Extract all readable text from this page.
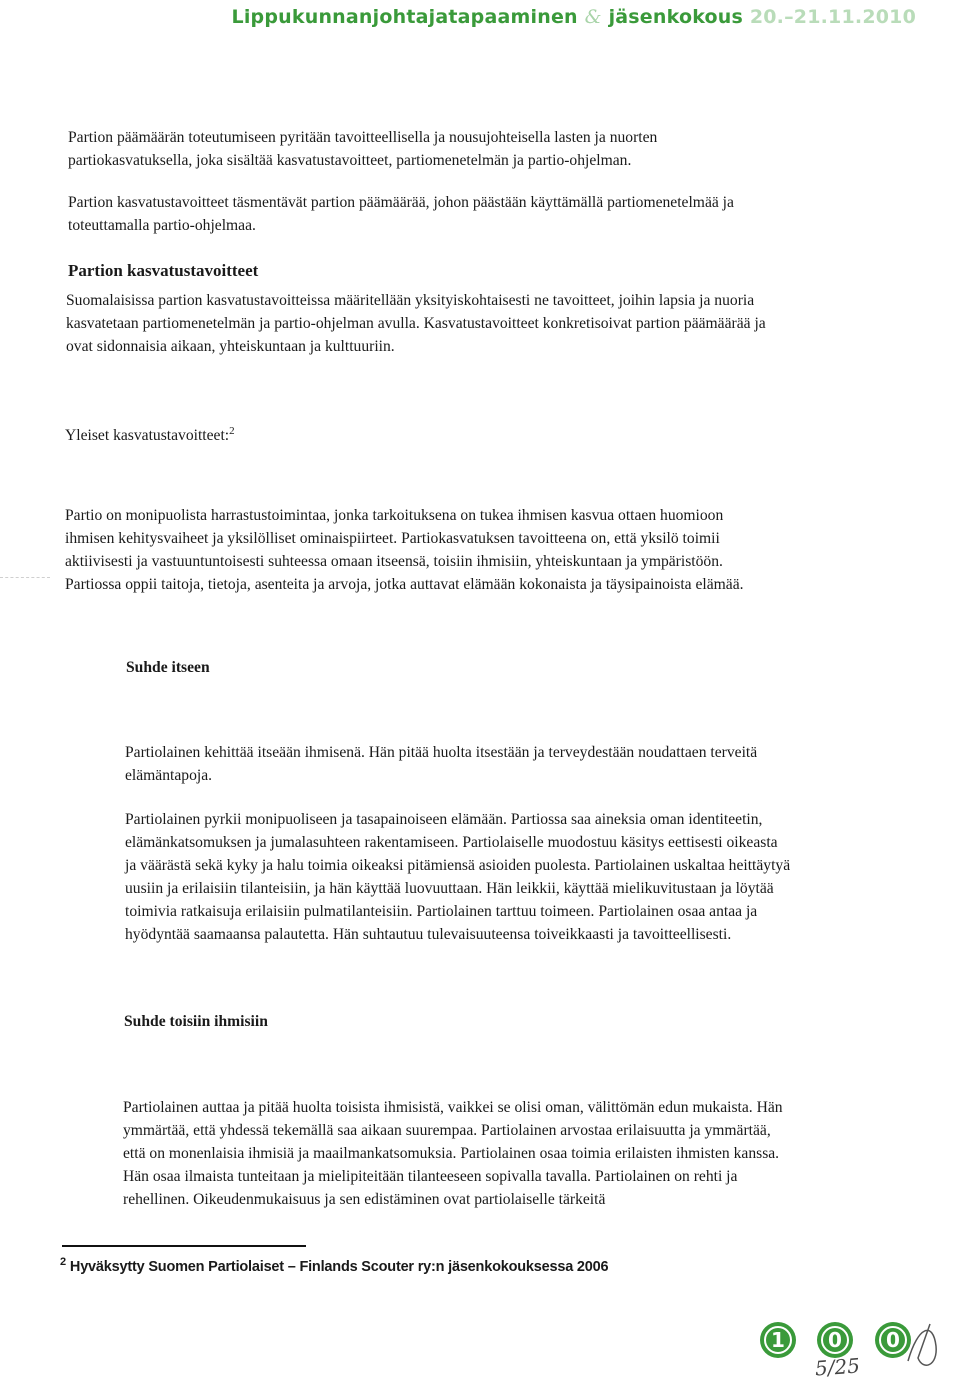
Lippukunnanjohtajatapaaminen & jäsenkokous 20.–21.11.2010

Partion päämäärän toteutumiseen pyritään tavoitteellisella ja nousujohteisella lasten ja nuorten
partiokasvatuksella, joka sisältää kasvatustavoitteet, partiomenetelmän ja partio-ohjelman.

Partion kasvatustavoitteet täsmentävät partion päämäärää, johon päästään käyttämällä partiomenetelmää ja
toteuttamalla partio-ohjelmaa.

Partion kasvatustavoitteet

Suomalaisissa partion kasvatustavoitteissa määritellään yksityiskohtaisesti ne tavoitteet, joihin lapsia ja nuoria
kasvatetaan partiomenetelmän ja partio-ohjelman avulla. Kasvatustavoitteet konkretisoivat partion päämäärää ja
ovat sidonnaisia aikaan, yhteiskuntaan ja kulttuuriin.

Yleiset kasvatustavoitteet:$^2$

Partio on monipuolista harrastustoimintaa, jonka tarkoituksena on tukea ihmisen kasvua ottaen huomioon
ihmisen kehitysvaiheet ja yksilölliset ominaispiirteet. Partiokasvatuksen tavoitteena on, että yksilö toimii
aktiivisesti ja vastuuntuntoisesti suhteessa omaan itseensä, toisiin ihmisiin, yhteiskuntaan ja ympäristöön.
Partiossa oppii taitoja, tietoja, asenteita ja arvoja, jotka auttavat elämään kokonaista ja täysipainoista elämää.

Suhde itseen

Partiolainen kehittää itseään ihmisenä. Hän pitää huolta itsestään ja terveydestään noudattaen terveitä
elämäntapoja.

Partiolainen pyrkii monipuoliseen ja tasapainoiseen elämään. Partiossa saa aineksia oman identiteetin,
elämänkatsomuksen ja jumalasuhteen rakentamiseen. Partiolaiselle muodostuu käsitys eettisesti oikeasta
ja väärästä sekä kyky ja halu toimia oikeaksi pitämiensä asioiden puolesta. Partiolainen uskaltaa heittäytyä
uusiin ja erilaisiin tilanteisiin, ja hän käyttää luovuuttaan. Hän leikkii, käyttää mielikuvitustaan ja löytää
toimivia ratkaisuja erilaisiin pulmatilanteisiin. Partiolainen tarttuu toimeen. Partiolainen osaa antaa ja
hyödyntää saamaansa palautetta. Hän suhtautuu tulevaisuuteensa toiveikkaasti ja tavoitteellisesti.

Suhde toisiin ihmisiin

Partiolainen auttaa ja pitää huolta toisista ihmisistä, vaikkei se olisi oman, välittömän edun mukaista. Hän
ymmärtää, että yhdessä tekemällä saa aikaan suurempaa. Partiolainen arvostaa erilaisuutta ja ymmärtää,
että on monenlaisia ihmisiä ja maailmankatsomuksia. Partiolainen osaa toimia erilaisten ihmisten kanssa.
Hän osaa ilmaista tunteitaan ja mielipiteitään tilanteeseen sopivalla tavalla. Partiolainen on rehti ja
rehellinen. Oikeudenmukaisuus ja sen edistäminen ovat partiolaiselle tärkeitä

$^2$ Hyväksytty Suomen Partiolaiset – Finlands Scouter ry:n jäsenkokouksessa 2006
1 0 0
5/25
